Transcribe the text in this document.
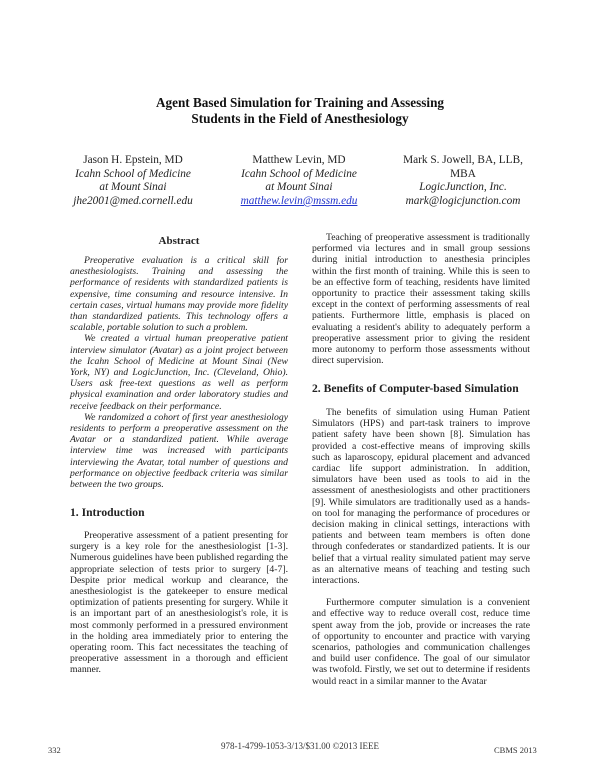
Agent Based Simulation for Training and Assessing
Students in the Field of Anesthesiology
Jason H. Epstein, MD
Icahn School of Medicine
at Mount Sinai
jhe2001@med.cornell.edu
Matthew Levin, MD
Icahn School of Medicine
at Mount Sinai
matthew.levin@mssm.edu
Mark S. Jowell, BA, LLB,
MBA
LogicJunction, Inc.
mark@logicjunction.com
Abstract

Preoperative evaluation is a critical skill for anesthesiologists. Training and assessing the performance of residents with standardized patients is expensive, time consuming and resource intensive. In certain cases, virtual humans may provide more fidelity than standardized patients. This technology offers a scalable, portable solution to such a problem.

We created a virtual human preoperative patient interview simulator (Avatar) as a joint project between the Icahn School of Medicine at Mount Sinai (New York, NY) and LogicJunction, Inc. (Cleveland, Ohio). Users ask free-text questions as well as perform physical examination and order laboratory studies and receive feedback on their performance.

We randomized a cohort of first year anesthesiology residents to perform a preoperative assessment on the Avatar or a standardized patient. While average interview time was increased with participants interviewing the Avatar, total number of questions and performance on objective feedback criteria was similar between the two groups.

1. Introduction

Preoperative assessment of a patient presenting for surgery is a key role for the anesthesiologist [1-3]. Numerous guidelines have been published regarding the appropriate selection of tests prior to surgery [4-7]. Despite prior medical workup and clearance, the anesthesiologist is the gatekeeper to ensure medical optimization of patients presenting for surgery. While it is an important part of an anesthesiologist's role, it is most commonly performed in a pressured environment in the holding area immediately prior to entering the operating room. This fact necessitates the teaching of preoperative assessment in a thorough and efficient manner.

Teaching of preoperative assessment is traditionally performed via lectures and in small group sessions during initial introduction to anesthesia principles within the first month of training. While this is seen to be an effective form of teaching, residents have limited opportunity to practice their assessment taking skills except in the context of performing assessments of real patients. Furthermore little, emphasis is placed on evaluating a resident's ability to adequately perform a preoperative assessment prior to giving the resident more autonomy to perform those assessments without direct supervision.

2. Benefits of Computer-based Simulation

The benefits of simulation using Human Patient Simulators (HPS) and part-task trainers to improve patient safety have been shown [8]. Simulation has provided a cost-effective means of improving skills such as laparoscopy, epidural placement and advanced cardiac life support administration. In addition, simulators have been used as tools to aid in the assessment of anesthesiologists and other practitioners [9]. While simulators are traditionally used as a hands-on tool for managing the performance of procedures or decision making in clinical settings, interactions with patients and between team members is often done through confederates or standardized patients. It is our belief that a virtual reality simulated patient may serve as an alternative means of teaching and testing such interactions.

Furthermore computer simulation is a convenient and effective way to reduce overall cost, reduce time spent away from the job, provide or increases the rate of opportunity to encounter and practice with varying scenarios, pathologies and communication challenges and build user confidence. The goal of our simulator was twofold. Firstly, we set out to determine if residents would react in a similar manner to the Avatar

332	978-1-4799-1053-3/13/$31.00 ©2013 IEEE	CBMS 2013
